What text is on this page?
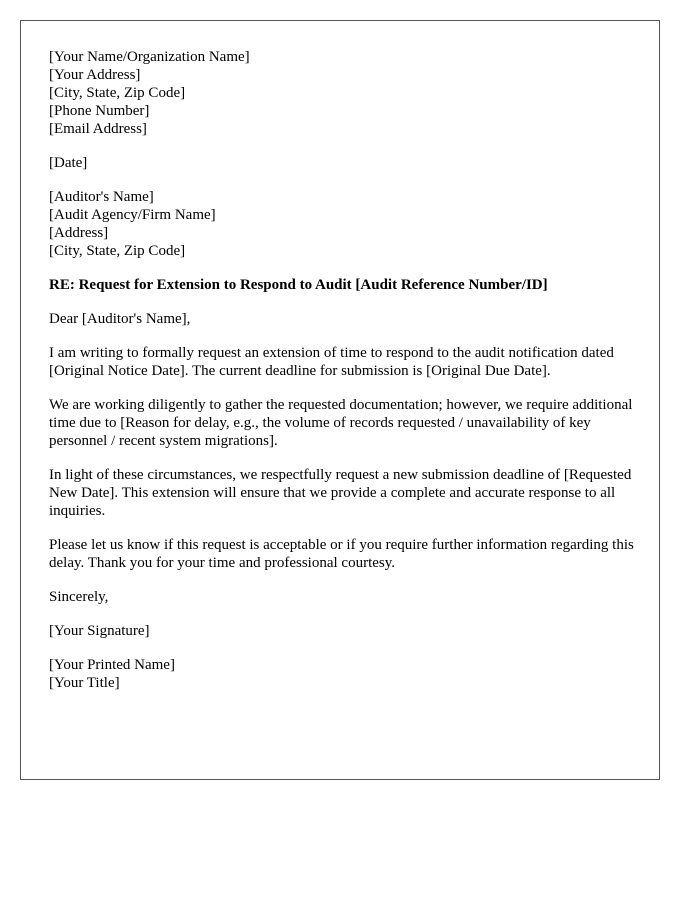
[Your Name/Organization Name]
[Your Address]
[City, State, Zip Code]
[Phone Number]
[Email Address]
[Date]
[Auditor's Name]
[Audit Agency/Firm Name]
[Address]
[City, State, Zip Code]
RE: Request for Extension to Respond to Audit [Audit Reference Number/ID]
Dear [Auditor's Name],

I am writing to formally request an extension of time to respond to the audit notification dated [Original Notice Date]. The current deadline for submission is [Original Due Date].

We are working diligently to gather the requested documentation; however, we require additional time due to [Reason for delay, e.g., the volume of records requested / unavailability of key personnel / recent system migrations].

In light of these circumstances, we respectfully request a new submission deadline of [Requested New Date]. This extension will ensure that we provide a complete and accurate response to all inquiries.

Please let us know if this request is acceptable or if you require further information regarding this delay. Thank you for your time and professional courtesy.

Sincerely,
[Your Signature]
[Your Printed Name]
[Your Title]
